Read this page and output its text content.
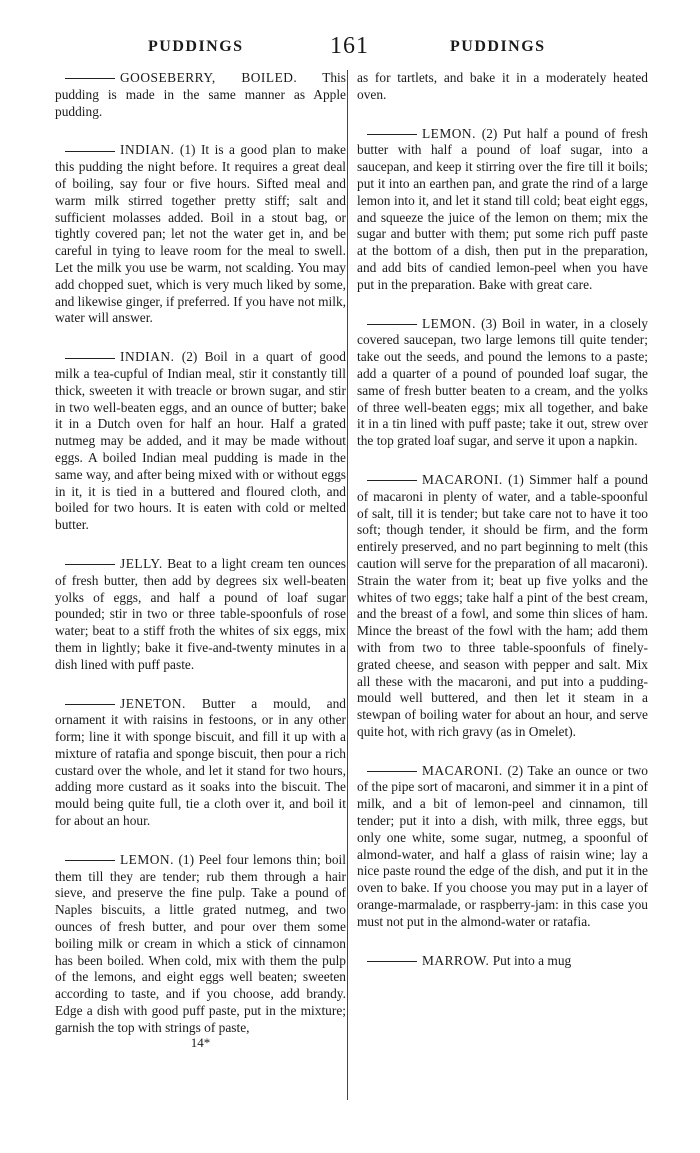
PUDDINGS	161	PUDDINGS

GOOSEBERRY, BOILED. This pudding is made in the same manner as Apple pudding.

INDIAN. (1) It is a good plan to make this pudding the night before. It requires a great deal of boiling, say four or five hours. Sifted meal and warm milk stirred together pretty stiff; salt and sufficient molasses added. Boil in a stout bag, or tightly covered pan; let not the water get in, and be careful in tying to leave room for the meal to swell. Let the milk you use be warm, not scalding. You may add chopped suet, which is very much liked by some, and likewise ginger, if preferred. If you have not milk, water will answer.

INDIAN. (2) Boil in a quart of good milk a tea-cupful of Indian meal, stir it constantly till thick, sweeten it with treacle or brown sugar, and stir in two well-beaten eggs, and an ounce of butter; bake it in a Dutch oven for half an hour. Half a grated nutmeg may be added, and it may be made without eggs. A boiled Indian meal pudding is made in the same way, and after being mixed with or without eggs in it, it is tied in a buttered and floured cloth, and boiled for two hours. It is eaten with cold or melted butter.

JELLY. Beat to a light cream ten ounces of fresh butter, then add by degrees six well-beaten yolks of eggs, and half a pound of loaf sugar pounded; stir in two or three table-spoonfuls of rose water; beat to a stiff froth the whites of six eggs, mix them in lightly; bake it five-and-twenty minutes in a dish lined with puff paste.

JENETON. Butter a mould, and ornament it with raisins in festoons, or in any other form; line it with sponge biscuit, and fill it up with a mixture of ratafia and sponge biscuit, then pour a rich custard over the whole, and let it stand for two hours, adding more custard as it soaks into the biscuit. The mould being quite full, tie a cloth over it, and boil it for about an hour.

LEMON. (1) Peel four lemons thin; boil them till they are tender; rub them through a hair sieve, and preserve the fine pulp. Take a pound of Naples biscuits, a little grated nutmeg, and two ounces of fresh butter, and pour over them some boiling milk or cream in which a stick of cinnamon has been boiled. When cold, mix with them the pulp of the lemons, and eight eggs well beaten; sweeten according to taste, and if you choose, add brandy. Edge a dish with good puff paste, put in the mixture; garnish the top with strings of paste,

14*
as for tartlets, and bake it in a moderately heated oven.

LEMON. (2) Put half a pound of fresh butter with half a pound of loaf sugar, into a saucepan, and keep it stirring over the fire till it boils; put it into an earthen pan, and grate the rind of a large lemon into it, and let it stand till cold; beat eight eggs, and squeeze the juice of the lemon on them; mix the sugar and butter with them; put some rich puff paste at the bottom of a dish, then put in the preparation, and add bits of candied lemon-peel when you have put in the preparation. Bake with great care.

LEMON. (3) Boil in water, in a closely covered saucepan, two large lemons till quite tender; take out the seeds, and pound the lemons to a paste; add a quarter of a pound of pounded loaf sugar, the same of fresh butter beaten to a cream, and the yolks of three well-beaten eggs; mix all together, and bake it in a tin lined with puff paste; take it out, strew over the top grated loaf sugar, and serve it upon a napkin.

MACARONI. (1) Simmer half a pound of macaroni in plenty of water, and a table-spoonful of salt, till it is tender; but take care not to have it too soft; though tender, it should be firm, and the form entirely preserved, and no part beginning to melt (this caution will serve for the preparation of all macaroni). Strain the water from it; beat up five yolks and the whites of two eggs; take half a pint of the best cream, and the breast of a fowl, and some thin slices of ham. Mince the breast of the fowl with the ham; add them with from two to three table-spoonfuls of finely-grated cheese, and season with pepper and salt. Mix all these with the macaroni, and put into a pudding-mould well buttered, and then let it steam in a stewpan of boiling water for about an hour, and serve quite hot, with rich gravy (as in Omelet).

MACARONI. (2) Take an ounce or two of the pipe sort of macaroni, and simmer it in a pint of milk, and a bit of lemon-peel and cinnamon, till tender; put it into a dish, with milk, three eggs, but only one white, some sugar, nutmeg, a spoonful of almond-water, and half a glass of raisin wine; lay a nice paste round the edge of the dish, and put it in the oven to bake. If you choose you may put in a layer of orange-marmalade, or raspberry-jam: in this case you must not put in the almond-water or ratafia.

MARROW. Put into a mug
